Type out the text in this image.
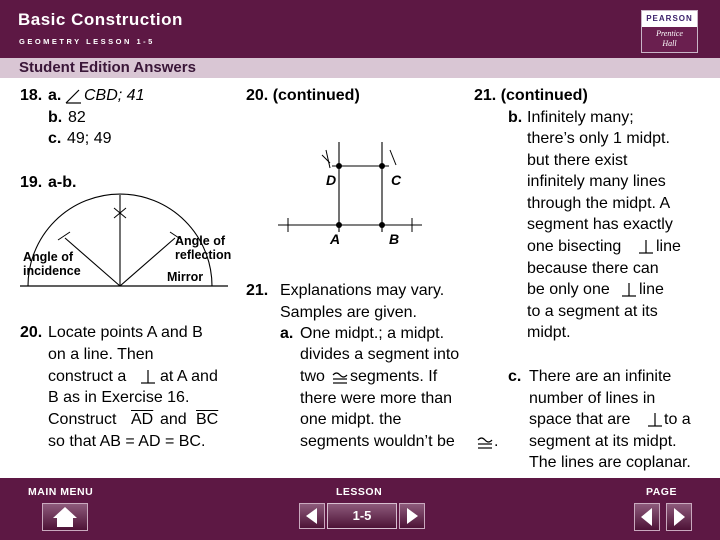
Basic Construction
GEOMETRY LESSON 1-5
PEARSON
Prentice
Hall
Student Edition Answers
18. a. CBD; 41
b. 82
c. 49; 49
19. a-b.
Angle of
incidence
Angle of
reflection
Mirror
20. Locate points A and B
on a line. Then
construct a at A and
B as in Exercise 16.
Construct $\overline{AD}$ and $\overline{BC}$
so that AB = AD = BC.
20. (continued)
D	C
A	B
21. Explanations may vary.
Samples are given.
a. One midpt.; a midpt.
divides a segment into
two segments. If
there were more than
one midpt. the
segments wouldn’t be .
21. (continued)
b. Infinitely many;
there’s only 1 midpt.
but there exist
infinitely many lines
through the midpt. A
segment has exactly
one bisecting line
because there can
be only one line
to a segment at its
midpt.
c. There are an infinite
number of lines in
space that are to a
segment at its midpt.
The lines are coplanar.
MAIN MENU	LESSON	PAGE
1-5
